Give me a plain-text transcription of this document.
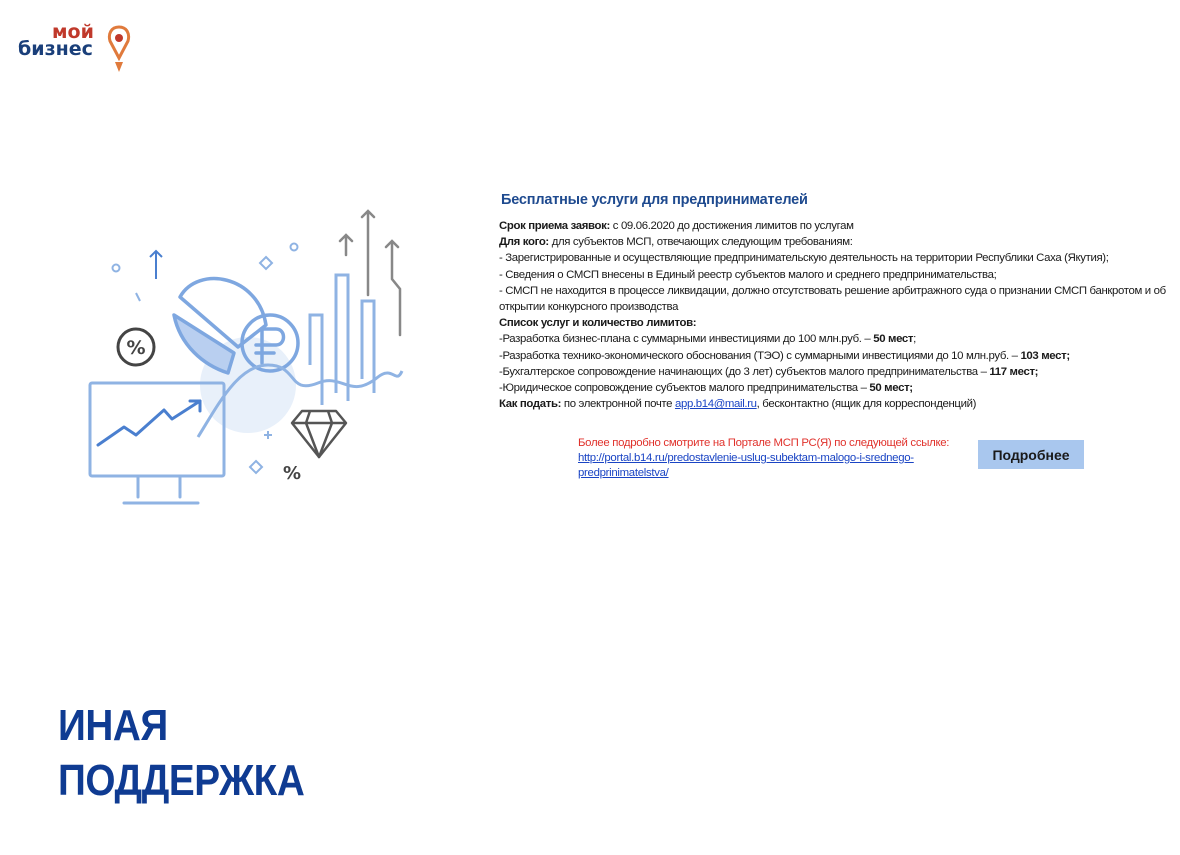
мой
бизнес
%
%
Бесплатные услуги для предпринимателей
Срок приема заявок: с 09.06.2020 до достижения лимитов по услугам
Для кого: для субъектов МСП, отвечающих следующим требованиям:
- Зарегистрированные и осуществляющие предпринимательскую деятельность на территории Республики Саха (Якутия);
- Сведения о СМСП внесены в Единый реестр субъектов малого и среднего предпринимательства;
- СМСП не находится в процессе ликвидации, должно отсутствовать решение арбитражного суда о признании СМСП банкротом и об
открытии конкурсного производства
Список услуг и количество лимитов:
-Разработка бизнес-плана с суммарными инвестициями до 100 млн.руб. – 50 мест;
-Разработка технико-экономического обоснования (ТЭО) с суммарными инвестициями до 10 млн.руб. – 103 мест;
-Бухгалтерское сопровождение начинающих (до 3 лет) субъектов малого предпринимательства – 117 мест;
-Юридическое сопровождение субъектов малого предпринимательства – 50 мест;
Как подать: по электронной почте app.b14@mail.ru, бесконтактно (ящик для корреспонденций)
Более подробно смотрите на Портале МСП РС(Я) по следующей ссылке:
http://portal.b14.ru/predostavlenie-uslug-subektam-malogo-i-srednego-
predprinimatelstva/
Подробнее
ИНАЯ
ПОДДЕРЖКА
